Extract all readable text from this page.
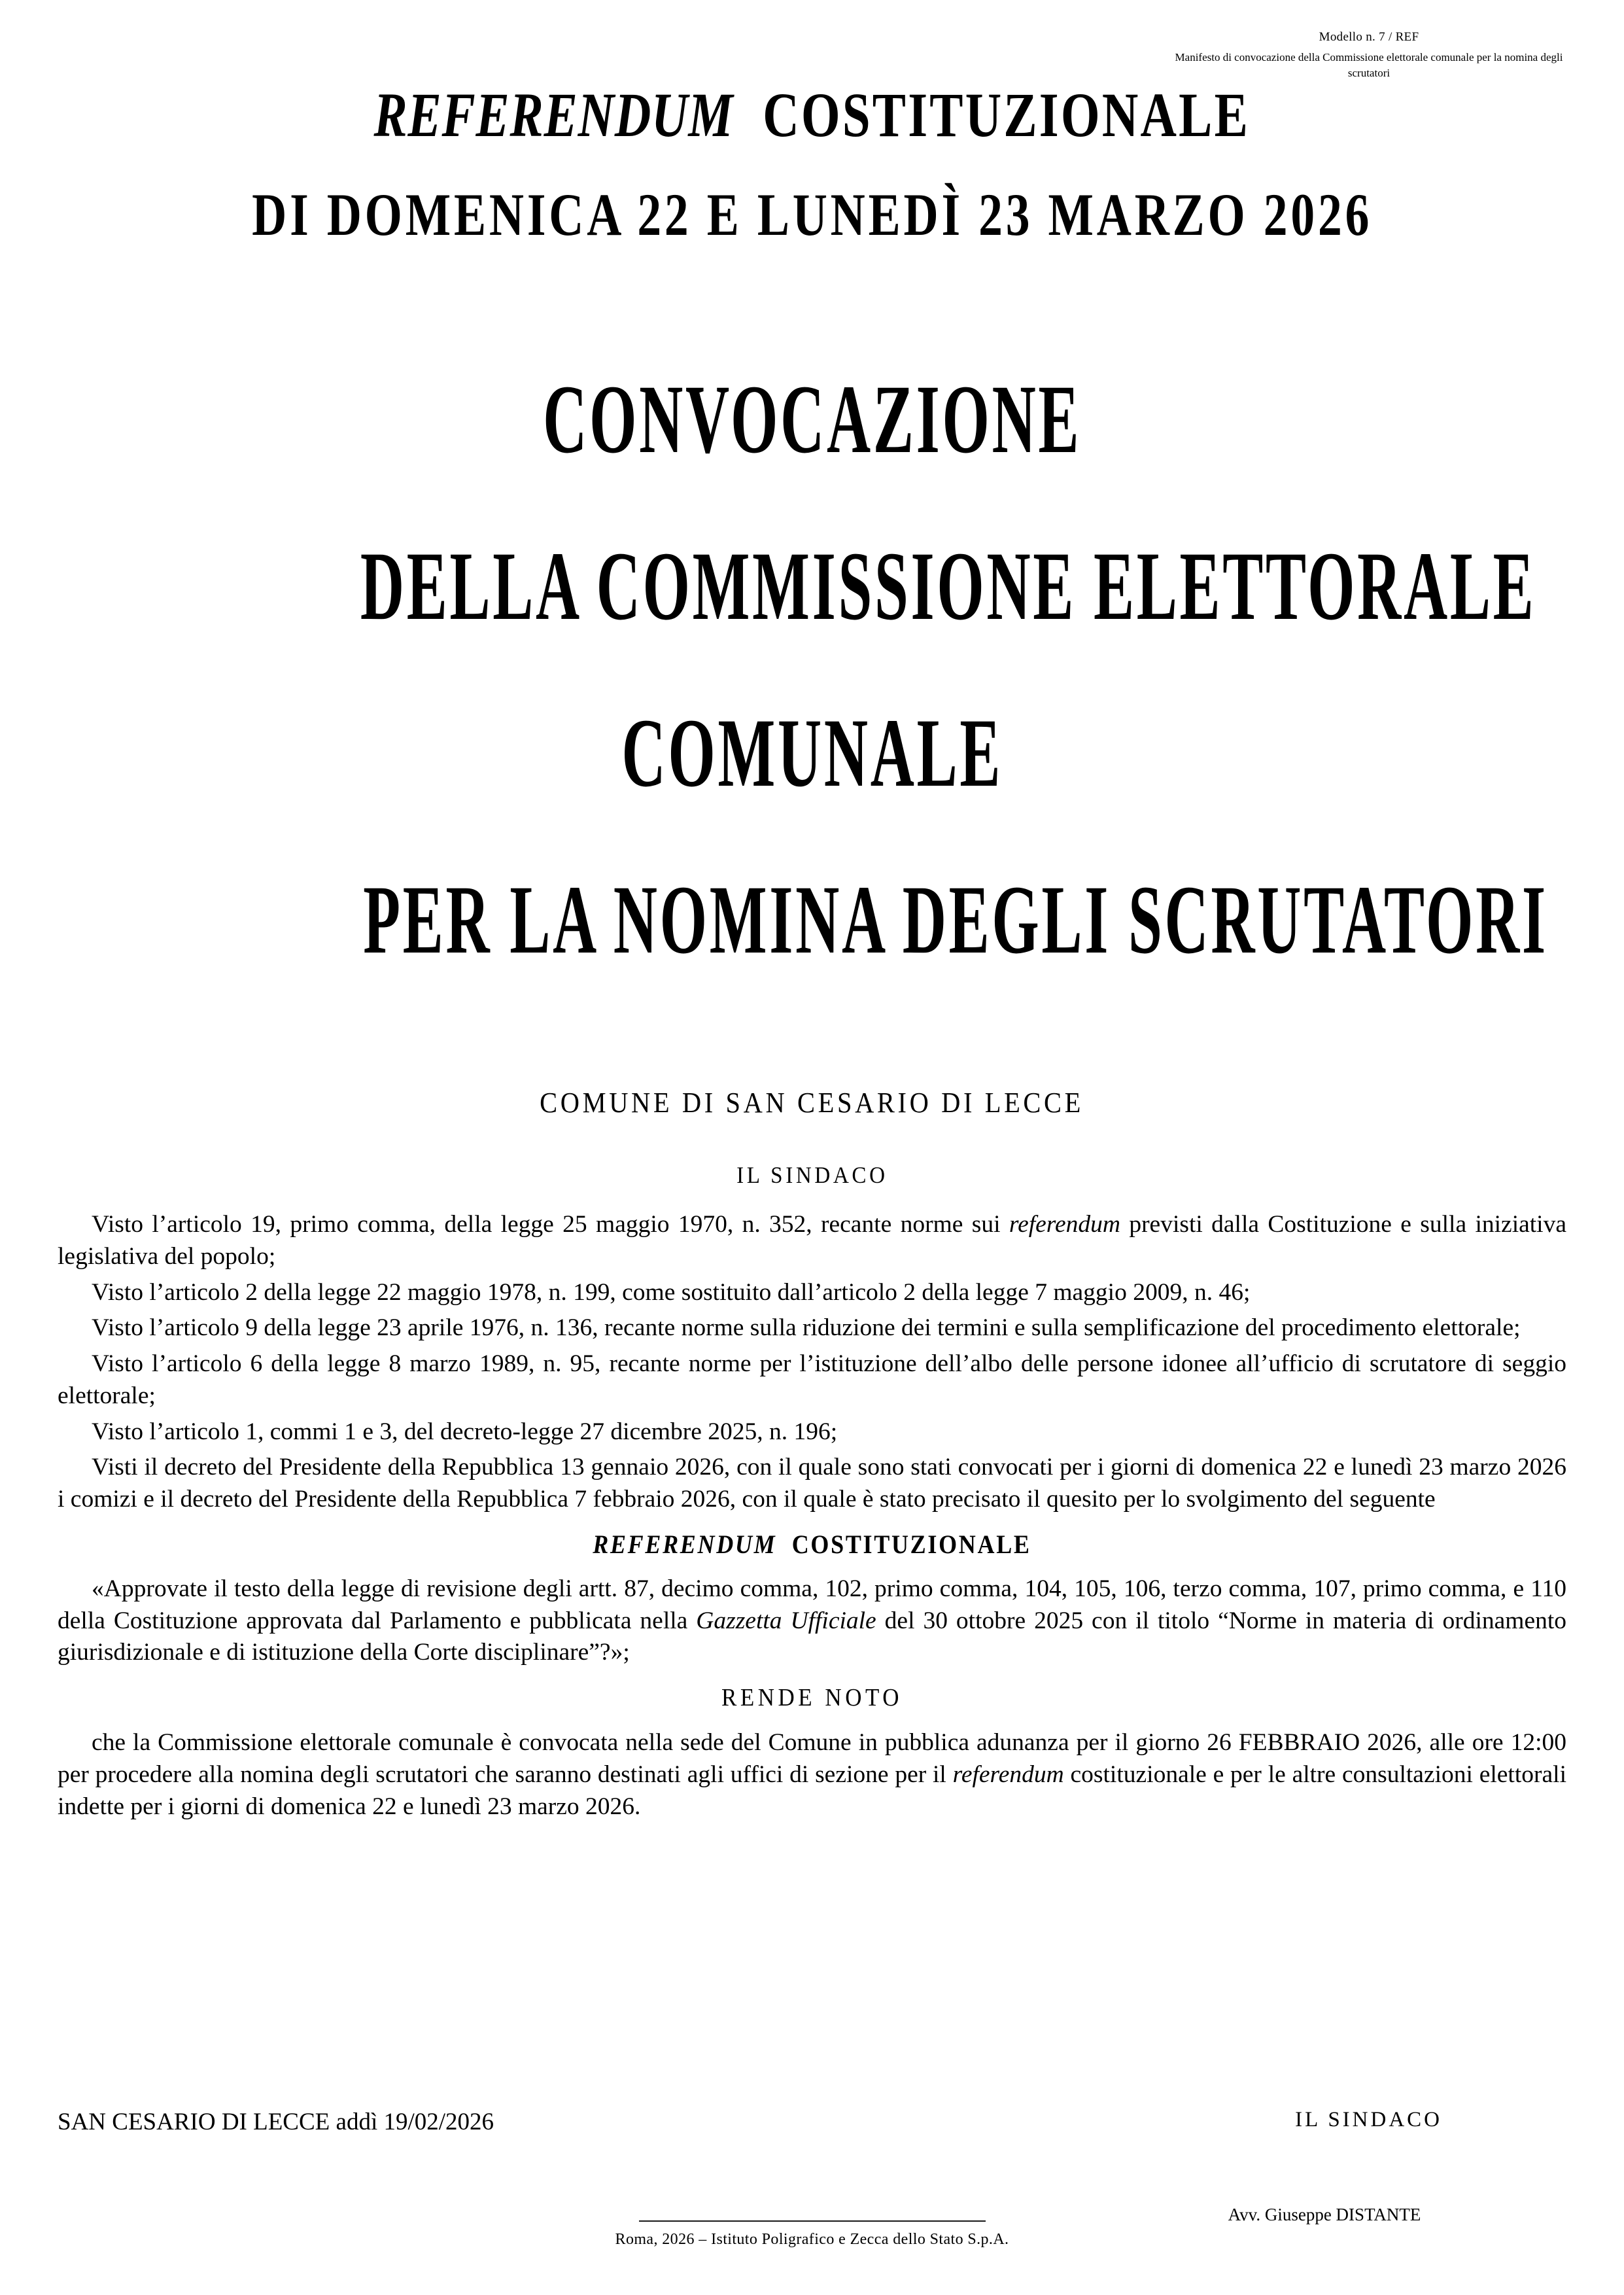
Modello n. 7 / REF
Manifesto di convocazione della Commissione elettorale comunale per la nomina degli scrutatori
REFERENDUM COSTITUZIONALE
DI DOMENICA 22 E LUNEDÌ 23 MARZO 2026
CONVOCAZIONE
DELLA COMMISSIONE ELETTORALE
COMUNALE
PER LA NOMINA DEGLI SCRUTATORI
COMUNE DI SAN CESARIO DI LECCE
IL SINDACO

Visto l’articolo 19, primo comma, della legge 25 maggio 1970, n. 352, recante norme sui referendum previsti dalla Costituzione e sulla iniziativa legislativa del popolo;

Visto l’articolo 2 della legge 22 maggio 1978, n. 199, come sostituito dall’articolo 2 della legge 7 maggio 2009, n. 46;

Visto l’articolo 9 della legge 23 aprile 1976, n. 136, recante norme sulla riduzione dei termini e sulla semplificazione del procedimento elettorale;

Visto l’articolo 6 della legge 8 marzo 1989, n. 95, recante norme per l’istituzione dell’albo delle persone idonee all’ufficio di scrutatore di seggio elettorale;

Visto l’articolo 1, commi 1 e 3, del decreto-legge 27 dicembre 2025, n. 196;

Visti il decreto del Presidente della Repubblica 13 gennaio 2026, con il quale sono stati convocati per i giorni di domenica 22 e lunedì 23 marzo 2026 i comizi e il decreto del Presidente della Repubblica 7 febbraio 2026, con il quale è stato precisato il quesito per lo svolgimento del seguente

REFERENDUM COSTITUZIONALE

«Approvate il testo della legge di revisione degli artt. 87, decimo comma, 102, primo comma, 104, 105, 106, terzo comma, 107, primo comma, e 110 della Costituzione approvata dal Parlamento e pubblicata nella Gazzetta Ufficiale del 30 ottobre 2025 con il titolo “Norme in materia di ordinamento giurisdizionale e di istituzione della Corte disciplinare”?»;

RENDE NOTO

che la Commissione elettorale comunale è convocata nella sede del Comune in pubblica adunanza per il giorno 26 FEBBRAIO 2026, alle ore 12:00 per procedere alla nomina degli scrutatori che saranno destinati agli uffici di sezione per il referendum costituzionale e per le altre consultazioni elettorali indette per i giorni di domenica 22 e lunedì 23 marzo 2026.

SAN CESARIO DI LECCE addì 19/02/2026	IL SINDACO
Avv. Giuseppe DISTANTE
Roma, 2026 – Istituto Poligrafico e Zecca dello Stato S.p.A.
